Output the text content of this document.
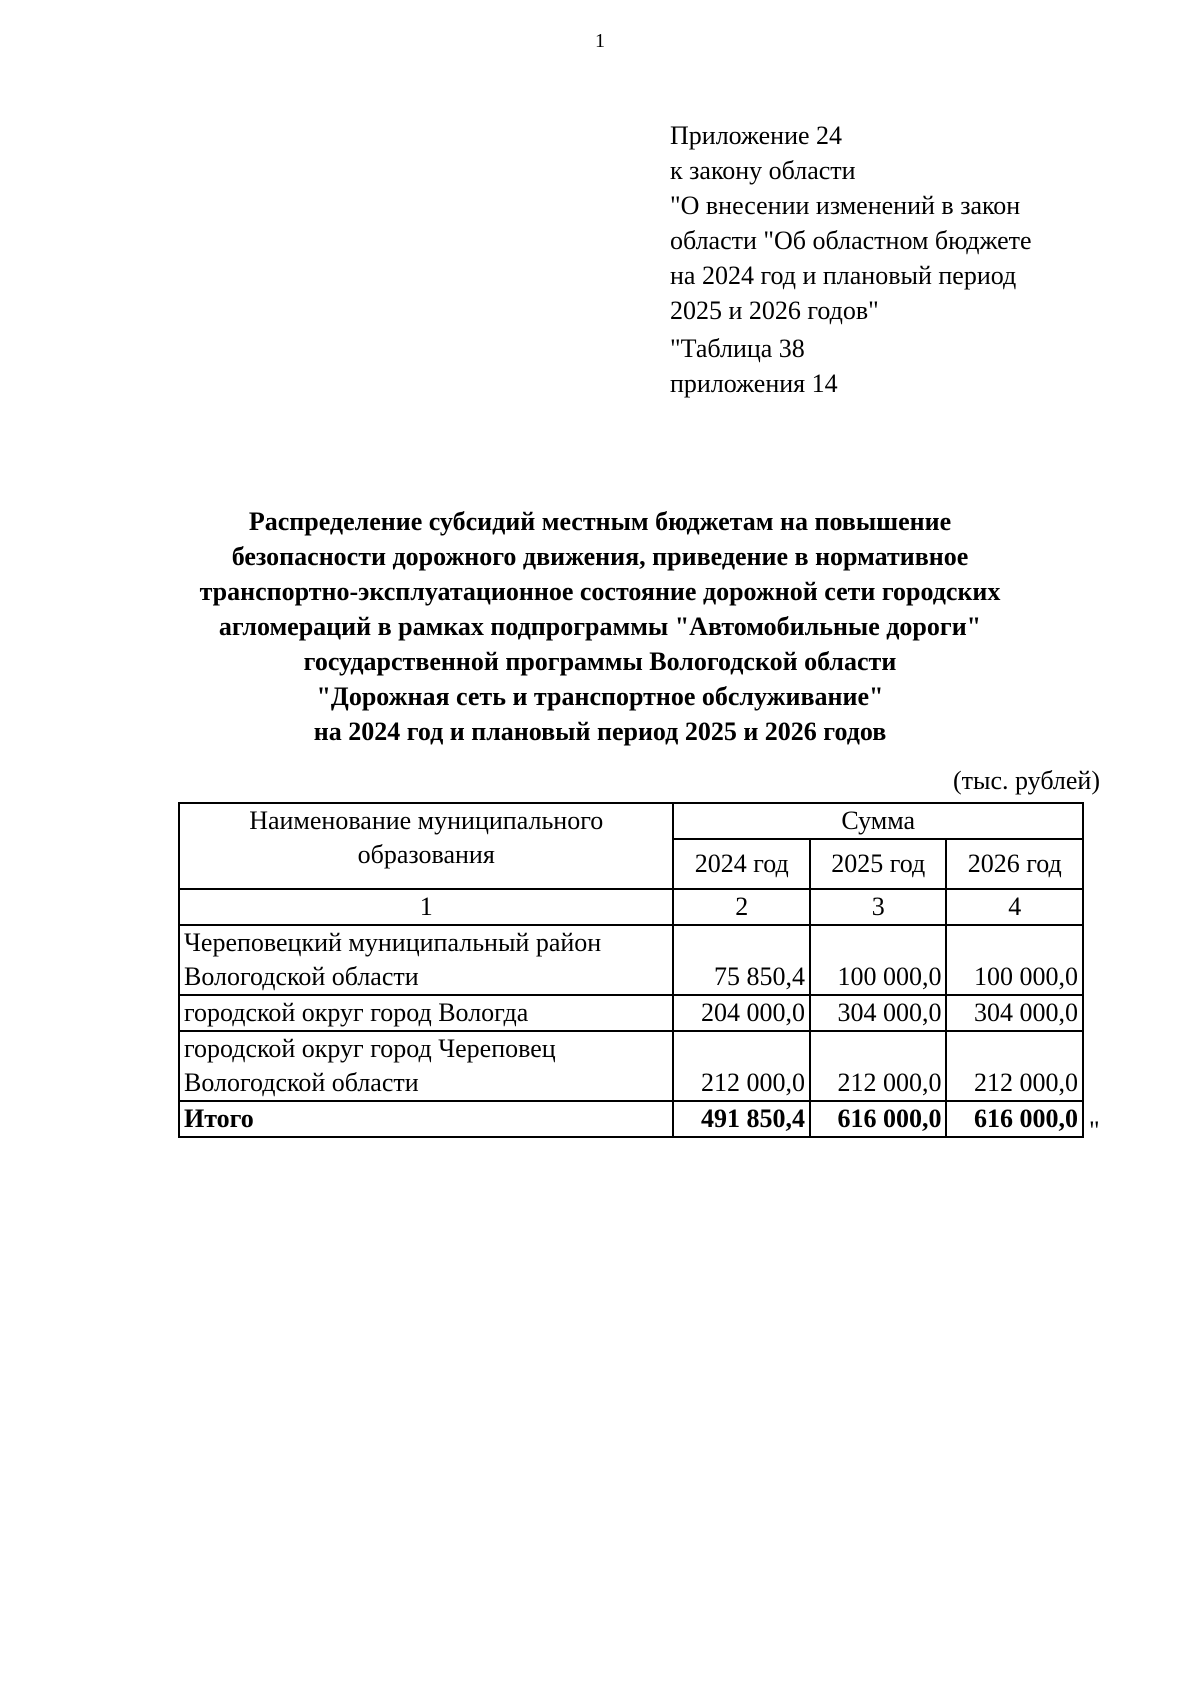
1
Приложение 24
к закону области
"О внесении изменений в закон
области "Об областном бюджете
на 2024 год и плановый период
2025 и 2026 годов"
"Таблица 38
приложения 14
Распределение субсидий местным бюджетам на повышение
безопасности дорожного движения, приведение в нормативное
транспортно-эксплуатационное состояние дорожной сети городских
агломераций в рамках подпрограммы "Автомобильные дороги"
государственной программы Вологодской области
"Дорожная сеть и транспортное обслуживание"
на 2024 год и плановый период 2025 и 2026 годов
(тыс. рублей)
Наименование муниципального образования	Сумма		
	2024 год	2025 год	2026 год
1	2	3	4

Череповецкий муниципальный район
Вологодской области	75 850,4	100 000,0	100 000,0

городской округ город Вологда	204 000,0	304 000,0	304 000,0

городской округ город Череповец
Вологодской области	212 000,0	212 000,0	212 000,0
Итого	491 850,4	616 000,0	616 000,0 "
